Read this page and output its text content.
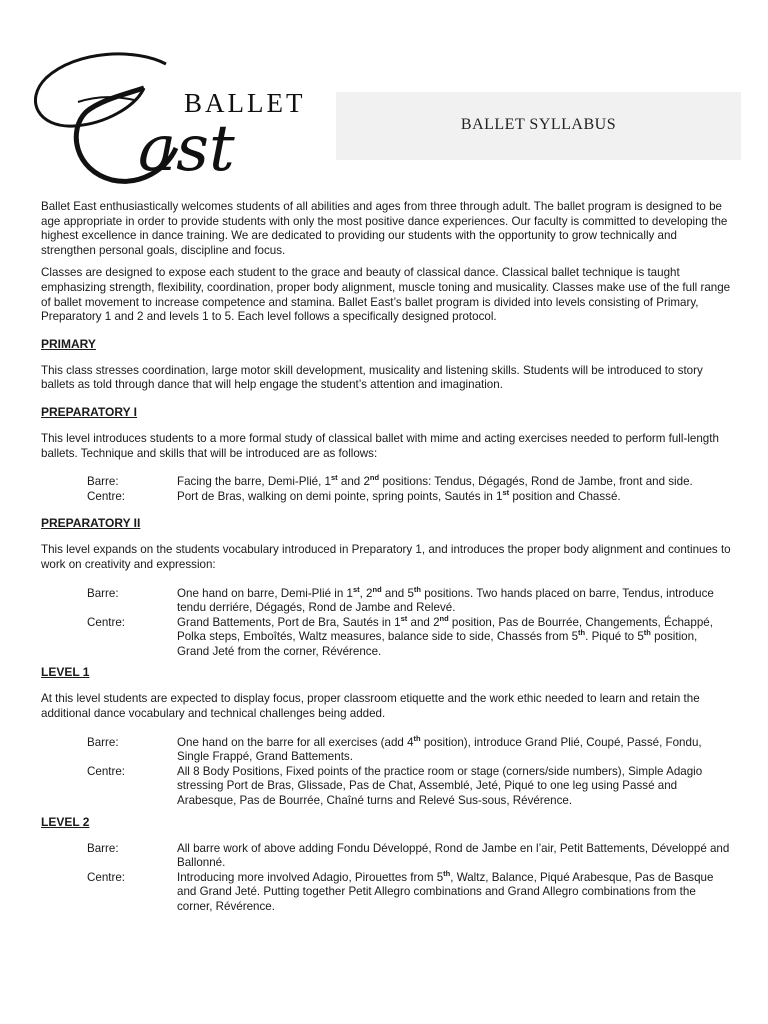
ast
BALLET
BALLET SYLLABUS

Ballet East enthusiastically welcomes students of all abilities and ages from three through adult. The ballet program is designed to be age appropriate in order to provide students with only the most positive dance experiences. Our faculty is committed to developing the highest excellence in dance training. We are dedicated to providing our students with the opportunity to grow technically and strengthen personal goals, discipline and focus.

Classes are designed to expose each student to the grace and beauty of classical dance. Classical ballet technique is taught emphasizing strength, flexibility, coordination, proper body alignment, muscle toning and musicality. Classes make use of the full range of ballet movement to increase competence and stamina. Ballet East’s ballet program is divided into levels consisting of Primary, Preparatory 1 and 2 and levels 1 to 5. Each level follows a specifically designed protocol.

PRIMARY

This class stresses coordination, large motor skill development, musicality and listening skills. Students will be introduced to story ballets as told through dance that will help engage the student’s attention and imagination.

PREPARATORY I

This level introduces students to a more formal study of classical ballet with mime and acting exercises needed to perform full-length ballets. Technique and skills that will be introduced are as follows:

Barre:	Facing the barre, Demi-Plié, 1st and 2nd positions: Tendus, Dégagés, Rond de Jambe, front and side.
Centre:	Port de Bras, walking on demi pointe, spring points, Sautés in 1st position and Chassé.
PREPARATORY II

This level expands on the students vocabulary introduced in Preparatory 1, and introduces the proper body alignment and continues to work on creativity and expression:

Barre:	One hand on barre, Demi-Plié in 1st, 2nd and 5th positions. Two hands placed on barre, Tendus, introduce tendu derriére, Dégagés, Rond de Jambe and Relevé.
Centre:	Grand Battements, Port de Bra, Sautés in 1st and 2nd position, Pas de Bourrée, Changements, Échappé, Polka steps, Emboîtés, Waltz measures, balance side to side, Chassés from 5th. Piqué to 5th position, Grand Jeté from the corner, Révérence.
LEVEL 1

At this level students are expected to display focus, proper classroom etiquette and the work ethic needed to learn and retain the additional dance vocabulary and technical challenges being added.

Barre:	One hand on the barre for all exercises (add 4th position), introduce Grand Plié, Coupé, Passé, Fondu, Single Frappé, Grand Battements.
Centre:	All 8 Body Positions, Fixed points of the practice room or stage (corners/side numbers), Simple Adagio stressing Port de Bras, Glissade, Pas de Chat, Assemblé, Jeté, Piqué to one leg using Passé and Arabesque, Pas de Bourrée, Chaîné turns and Relevé Sus-sous, Révérence.
LEVEL 2
Barre:	All barre work of above adding Fondu Développé, Rond de Jambe en l’air, Petit Battements, Développé and Ballonné.
Centre:	Introducing more involved Adagio, Pirouettes from 5th, Waltz, Balance, Piqué Arabesque, Pas de Basque and Grand Jeté. Putting together Petit Allegro combinations and Grand Allegro combinations from the corner, Révérence.
